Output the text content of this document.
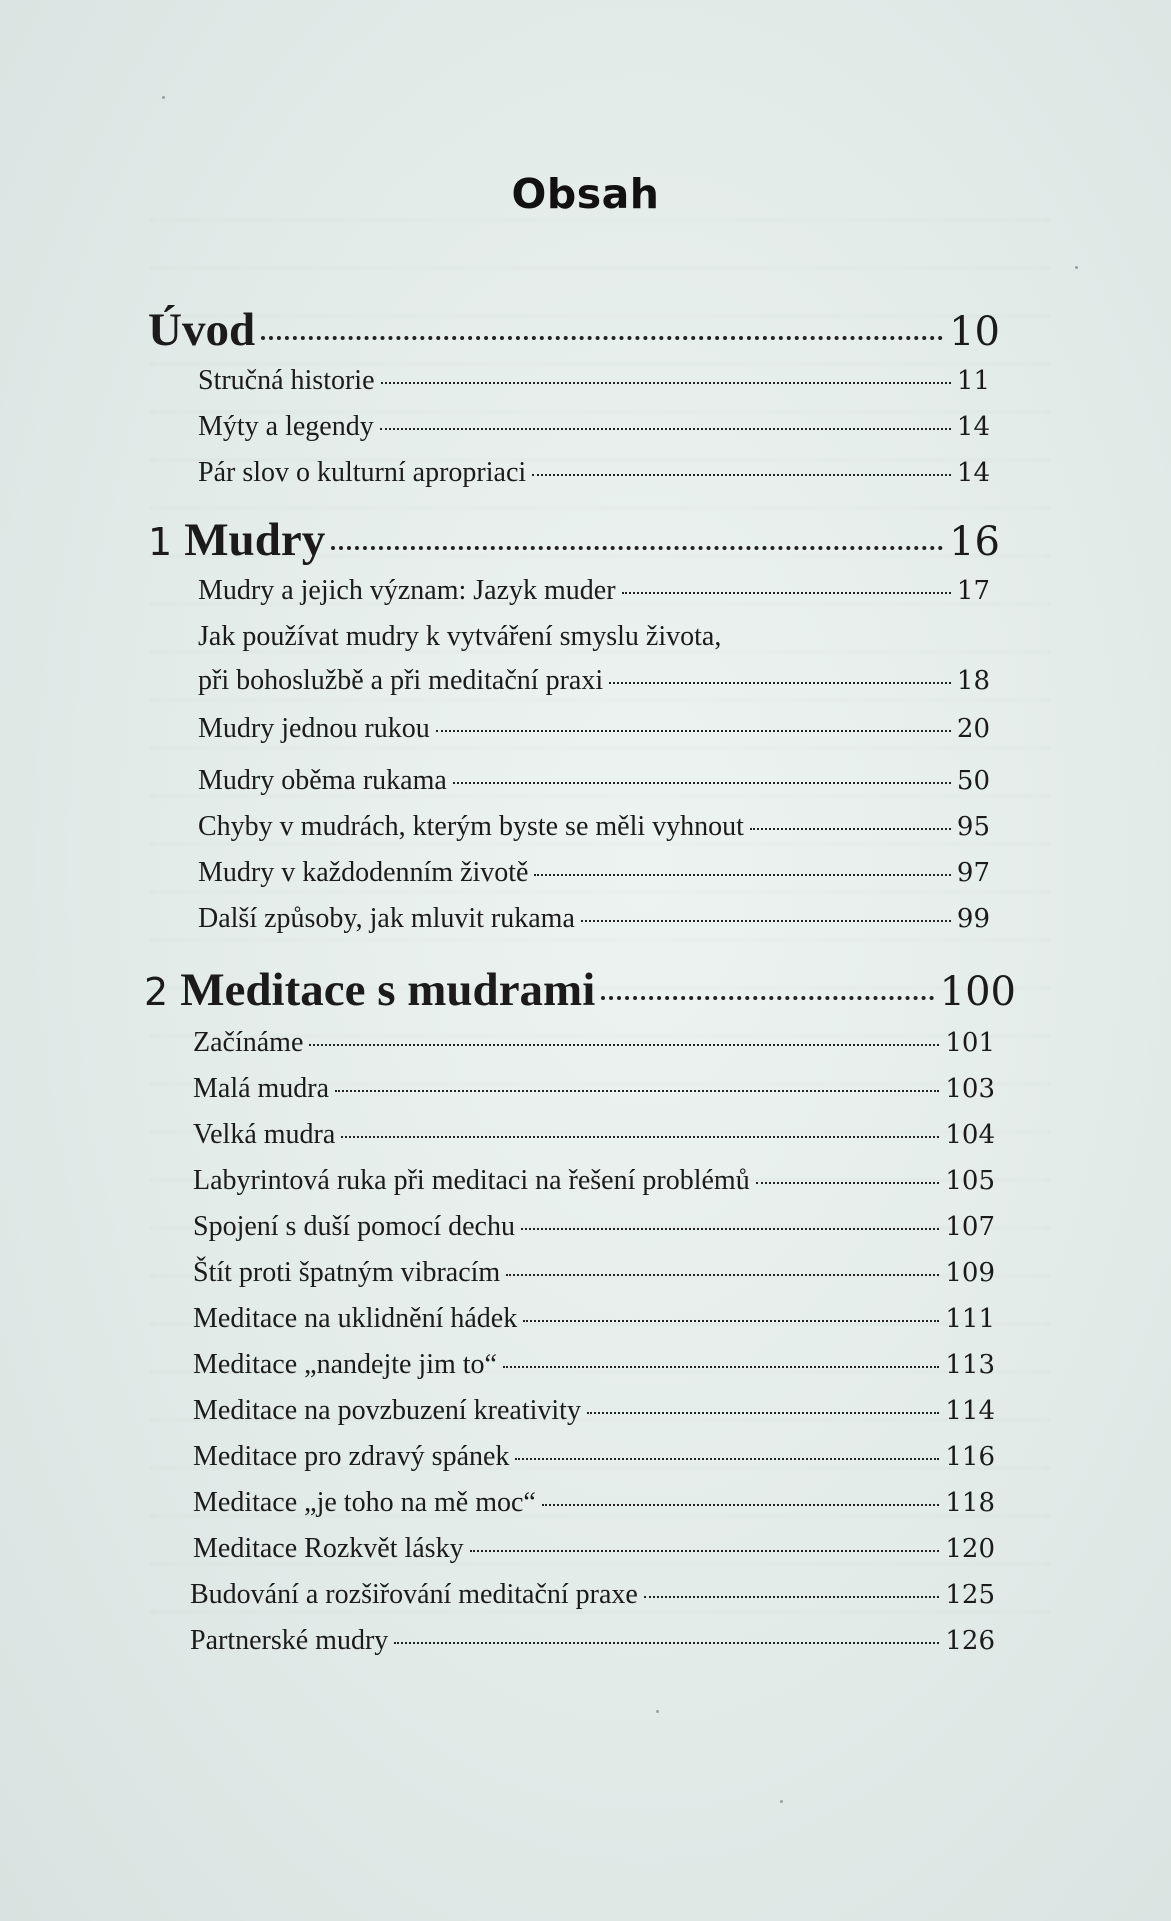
Obsah
Úvod	10
Stručná historie	11
Mýty a legendy	14
Pár slov o kulturní apropriaci	14
1 Mudry	16
Mudry a jejich význam: Jazyk muder	17
Jak používat mudry k vytváření smyslu života,
při bohoslužbě a při meditační praxi	18
Mudry jednou rukou	20
Mudry oběma rukama	50
Chyby v mudrách, kterým byste se měli vyhnout	95
Mudry v každodenním životě	97
Další způsoby, jak mluvit rukama	99
2 Meditace s mudrami	100
Začínáme	101
Malá mudra	103
Velká mudra	104
Labyrintová ruka při meditaci na řešení problémů	105
Spojení s duší pomocí dechu	107
Štít proti špatným vibracím	109
Meditace na uklidnění hádek	111
Meditace „nandejte jim to“	113
Meditace na povzbuzení kreativity	114
Meditace pro zdravý spánek	116
Meditace „je toho na mě moc“	118
Meditace Rozkvět lásky	120
Budování a rozšiřování meditační praxe	125
Partnerské mudry	126
